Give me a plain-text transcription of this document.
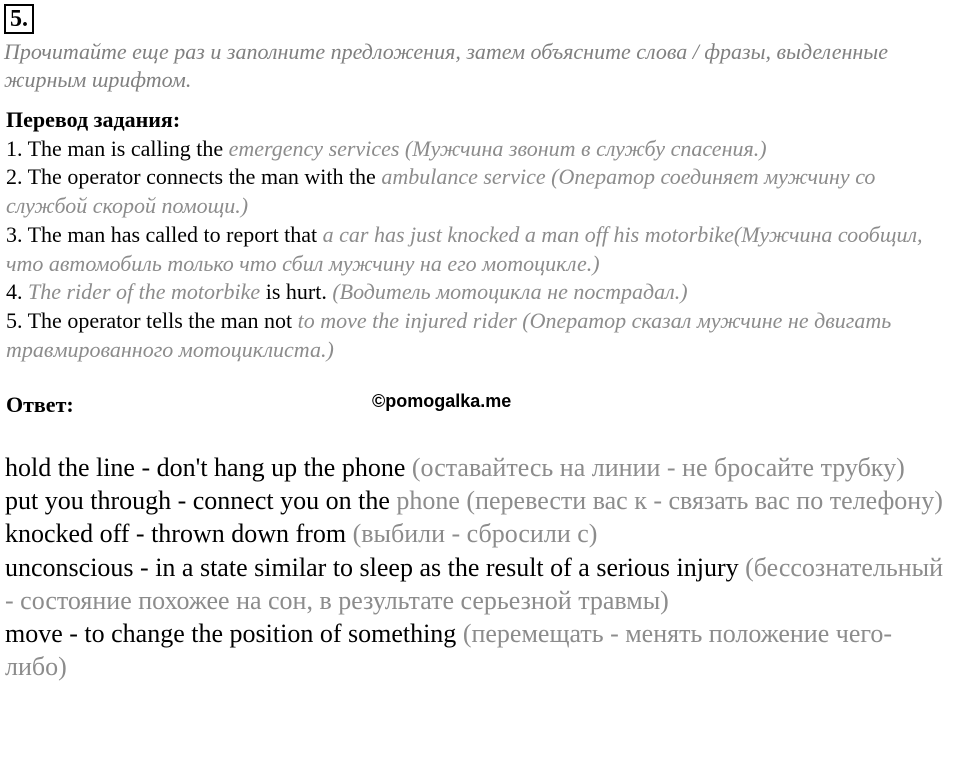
5.
Прочитайте еще раз и заполните предложения, затем объясните слова / фразы, выделенные жирным шрифтом.
Перевод задания:
1. The man is calling the emergency services (Мужчина звонит в службу спасения.)
2. The operator connects the man with the ambulance service (Оператор соединяет мужчину со службой скорой помощи.)
3. The man has called to report that a car has just knocked a man off his motorbike(Мужчина сообщил, что автомобиль только что сбил мужчину на его мотоцикле.)
4. The rider of the motorbike is hurt. (Водитель мотоцикла не пострадал.)
5. The operator tells the man not to move the injured rider (Оператор сказал мужчине не двигать травмированного мотоциклиста.)
Ответ:	©pomogalka.me
hold the line - don't hang up the phone (оставайтесь на линии - не бросайте трубку)
put you through - connect you on the phone (перевести вас к - связать вас по телефону)
knocked off - thrown down from (выбили - сбросили с)
unconscious - in a state similar to sleep as the result of a serious injury (бессознательный - состояние похожее на сон, в результате серьезной травмы)
move - to change the position of something (перемещать - менять положение чего-либо)
